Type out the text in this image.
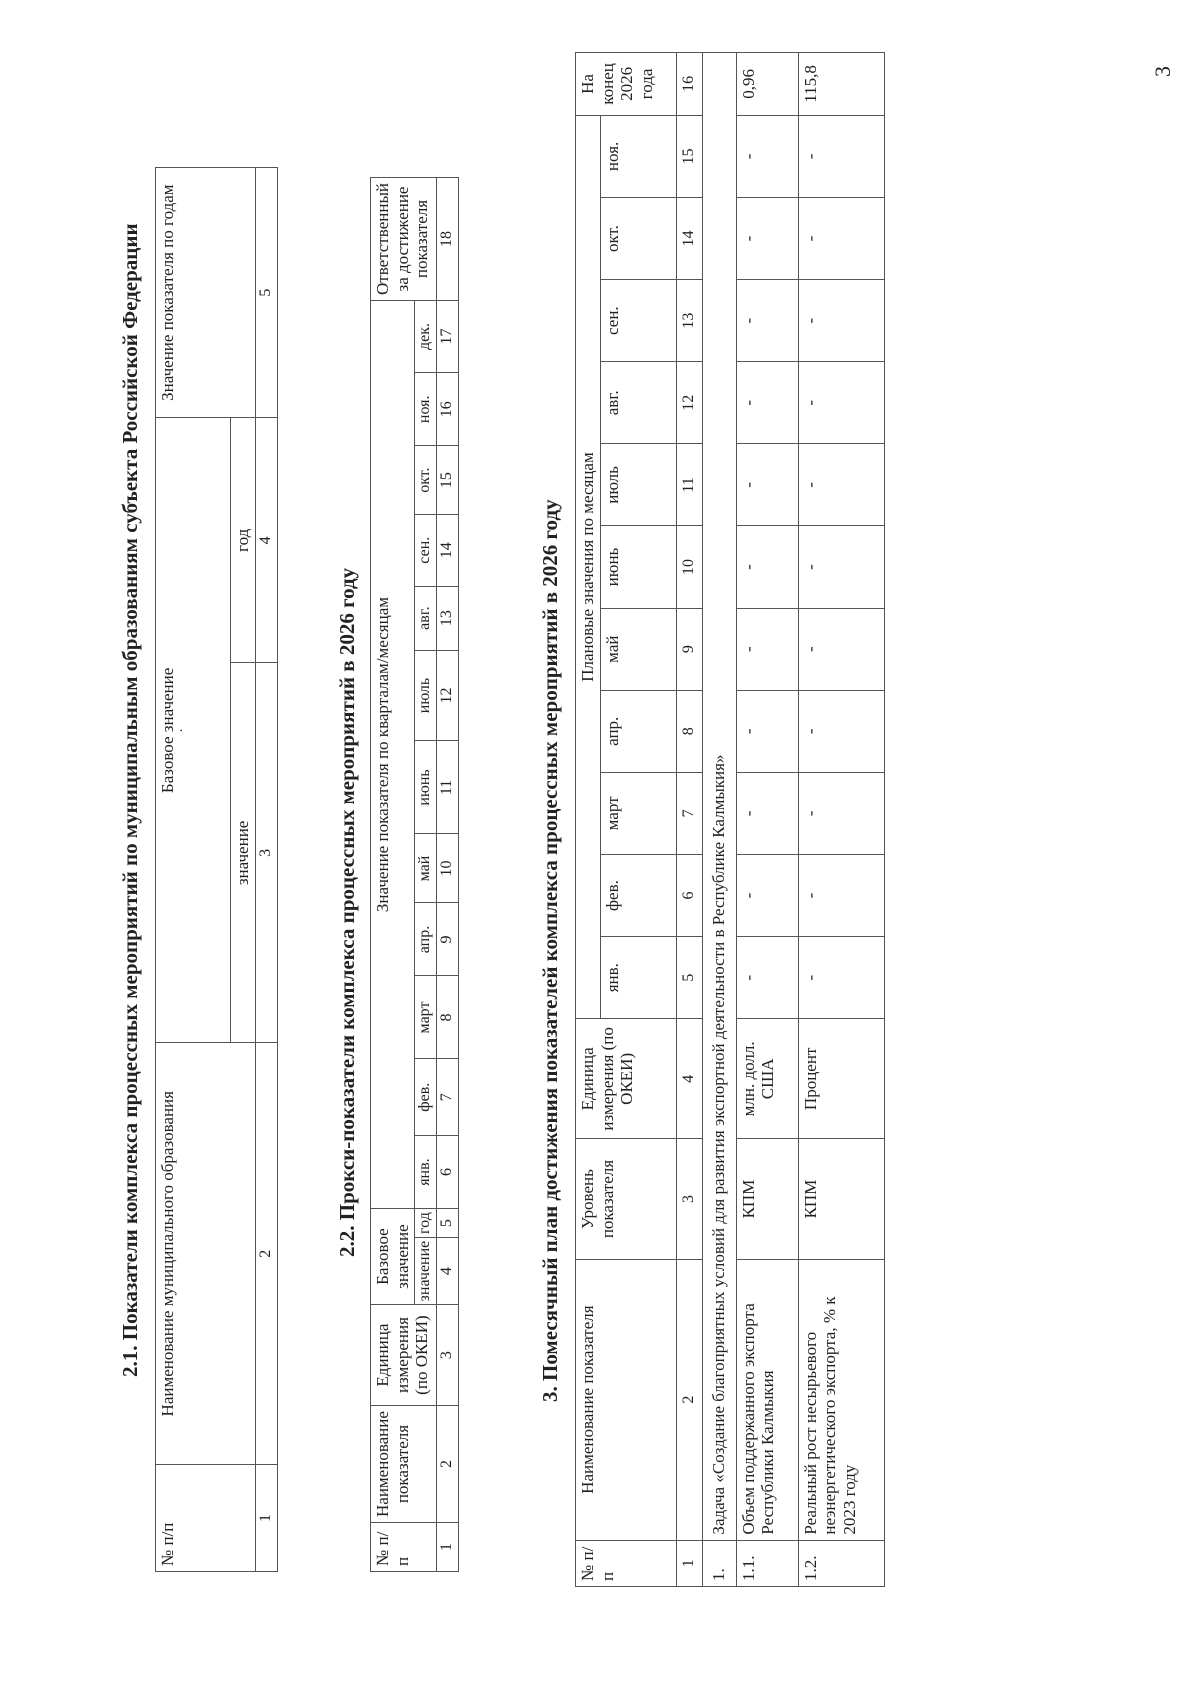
3
2.1. Показатели комплекса процессных мероприятий по муниципальным образованиям субъекта Российской Федерации
№ п/п	Наименование муниципального образования	Базовое значение
·		Значение показателя по годам
		значение	год	
1	2	3	4	5
2.2. Прокси-показатели комплекса процессных мероприятий в 2026 году
№ п/п	Наименование показателя	Единица измерения (по ОКЕИ)	Базовое значение		Значение показателя по кварталам/месяцам												Ответственный за достижение показателя
			значение	год	янв.	фев.	март	апр.	май	июнь	июль	авг.	сен.	окт.	ноя.	дек.	
1	2	3	4	5	6	7	8	9	10	11	12	13	14	15	16	17	18
3. Помесячный план достижения показателей комплекса процессных мероприятий в 2026 году
№ п/п	Наименование показателя	Уровень показателя	Единица измерения (по ОКЕИ)	Плановые значения по месяцам											На конец 2026 года
				янв.	фев.	март	апр.	май	июнь	июль	авг.	сен.	окт.	ноя.	
1	2	3	4	5	6	7	8	9	10	11	12	13	14	15	16
1.	Задача «Создание благоприятных условий для развития экспортной деятельности в Республике Калмыкия»														
1.1.	Объем поддержанного экспорта Республики Калмыкия	КПМ	млн. долл. США	-	-	-	-	-	-	-	-	-	-	-	0,96
1.2.	Реальный рост несырьевого неэнергетического экспорта, % к 2023 году	КПМ	Процент	-	-	-	-	-	-	-	-	-	-	-	115,8
